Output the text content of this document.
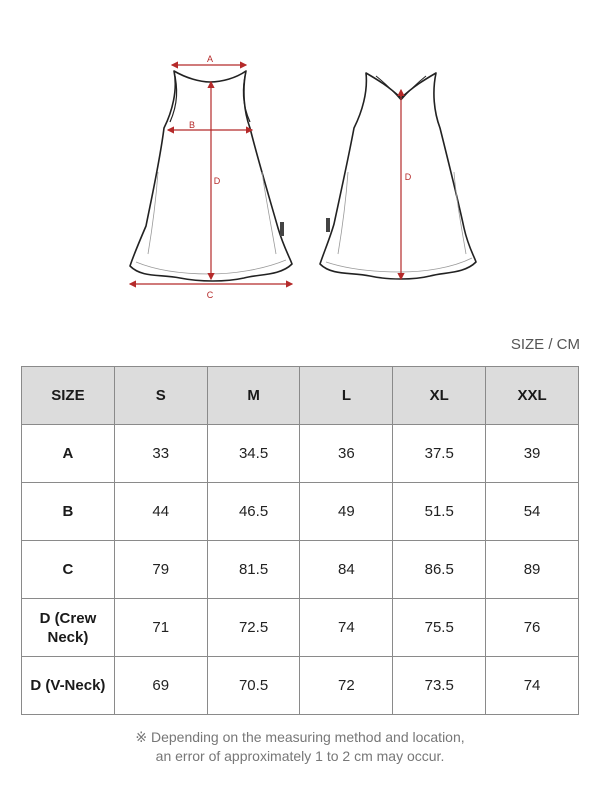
A
B
C
D	D
SIZE / CM
SIZE	S	M	L	XL	XXL
A	33	34.5	36	37.5	39
B	44	46.5	49	51.5	54
C	79	81.5	84	86.5	89
D (Crew Neck)	71	72.5	74	75.5	76
D (V-Neck)	69	70.5	72	73.5	74
※ Depending on the measuring method and location,
an error of approximately 1 to 2 cm may occur.
